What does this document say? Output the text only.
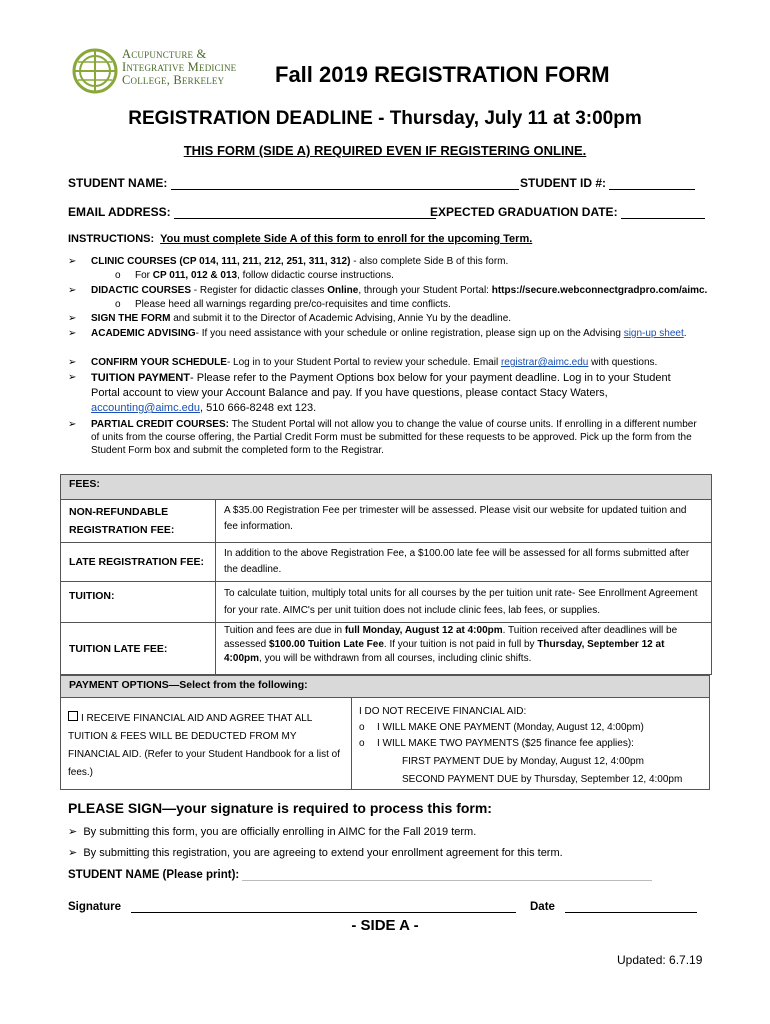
Acupuncture &
Integrative Medicine
College, Berkeley	Fall 2019 REGISTRATION FORM
REGISTRATION DEADLINE - Thursday, July 11 at 3:00pm
THIS FORM (SIDE A) REQUIRED EVEN IF REGISTERING ONLINE.
STUDENT NAME:	STUDENT ID #:
EMAIL ADDRESS:	EXPECTED GRADUATION DATE:
INSTRUCTIONS: You must complete Side A of this form to enroll for the upcoming Term.
➢ CLINIC COURSES (CP 014, 111, 211, 212, 251, 311, 312) - also complete Side B of this form.
o For CP 011, 012 & 013, follow didactic course instructions.
➢ DIDACTIC COURSES - Register for didactic classes Online, through your Student Portal: https://secure.webconnectgradpro.com/aimc.
o Please heed all warnings regarding pre/co-requisites and time conflicts.
➢ SIGN THE FORM and submit it to the Director of Academic Advising, Annie Yu by the deadline.
➢ ACADEMIC ADVISING- If you need assistance with your schedule or online registration, please sign up on the Advising sign-up sheet.
➢ CONFIRM YOUR SCHEDULE- Log in to your Student Portal to review your schedule. Email registrar@aimc.edu with questions.
➢ TUITION PAYMENT- Please refer to the Payment Options box below for your payment deadline. Log in to your Student Portal account to view your Account Balance and pay. If you have questions, please contact Stacy Waters, accounting@aimc.edu, 510 666-8248 ext 123.
➢ PARTIAL CREDIT COURSES: The Student Portal will not allow you to change the value of course units. If enrolling in a different number of units from the course offering, the Partial Credit Form must be submitted for these requests to be approved. Pick up the form from the Student Form box and submit the completed form to the Registrar.
FEES:	
NON-REFUNDABLE REGISTRATION FEE:	A $35.00 Registration Fee per trimester will be assessed. Please visit our website for updated tuition and fee information.
LATE REGISTRATION FEE:	In addition to the above Registration Fee, a $100.00 late fee will be assessed for all forms submitted after the deadline.
TUITION:	To calculate tuition, multiply total units for all courses by the per tuition unit rate- See Enrollment Agreement for your rate. AIMC's per unit tuition does not include clinic fees, lab fees, or supplies.
TUITION LATE FEE:	Tuition and fees are due in full Monday, August 12 at 4:00pm. Tuition received after deadlines will be assessed $100.00 Tuition Late Fee. If your tuition is not paid in full by Thursday, September 12 at 4:00pm, you will be withdrawn from all courses, including clinic shifts.
PAYMENT OPTIONS—Select from the following:
I RECEIVE FINANCIAL AID AND AGREE THAT ALL TUITION & FEES WILL BE DEDUCTED FROM MY FINANCIAL AID. (Refer to your Student Handbook for a list of fees.)
I DO NOT RECEIVE FINANCIAL AID:
o I WILL MAKE ONE PAYMENT (Monday, August 12, 4:00pm)
o I WILL MAKE TWO PAYMENTS ($25 finance fee applies):
FIRST PAYMENT DUE by Monday, August 12, 4:00pm
SECOND PAYMENT DUE by Thursday, September 12, 4:00pm
PLEASE SIGN—your signature is required to process this form:
➢ By submitting this form, you are officially enrolling in AIMC for the Fall 2019 term.
➢ By submitting this registration, you are agreeing to extend your enrollment agreement for this term.
STUDENT NAME (Please print):
Signature	Date
- SIDE A -
Updated: 6.7.19
